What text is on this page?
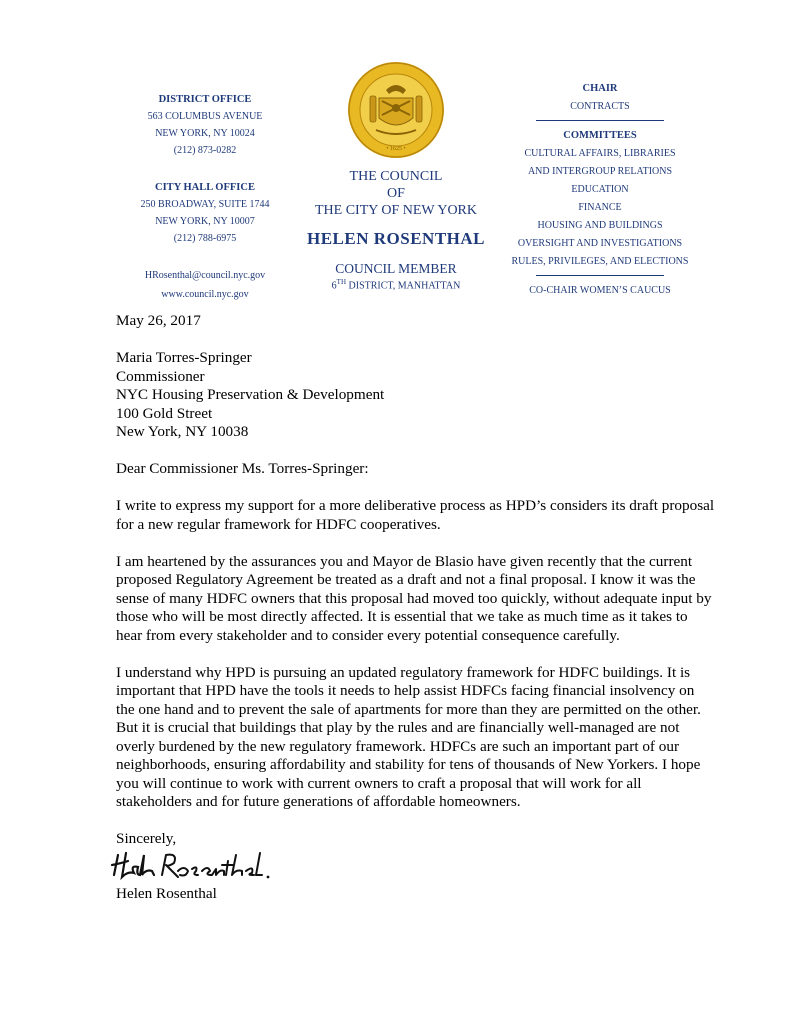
DISTRICT OFFICE
563 COLUMBUS AVENUE
NEW YORK, NY 10024
(212) 873-0282
CITY HALL OFFICE
250 BROADWAY, SUITE 1744
NEW YORK, NY 10007
(212) 788-6975
HRosenthal@council.nyc.gov
www.council.nyc.gov
• 1625 •
THE COUNCIL
OF
THE CITY OF NEW YORK
HELEN ROSENTHAL
COUNCIL MEMBER
6TH DISTRICT, MANHATTAN
CHAIR
CONTRACTS
COMMITTEES
CULTURAL AFFAIRS, LIBRARIES
AND INTERGROUP RELATIONS
EDUCATION
FINANCE
HOUSING AND BUILDINGS
OVERSIGHT AND INVESTIGATIONS
RULES, PRIVILEGES, AND ELECTIONS
CO-CHAIR WOMEN’S CAUCUS

May 26, 2017

Maria Torres-Springer
Commissioner
NYC Housing Preservation & Development
100 Gold Street
New York, NY 10038

Dear Commissioner Ms. Torres-Springer:

I write to express my support for a more deliberative process as HPD’s considers its draft proposal for a new regular framework for HDFC cooperatives.

I am heartened by the assurances you and Mayor de Blasio have given recently that the current proposed Regulatory Agreement be treated as a draft and not a final proposal. I know it was the sense of many HDFC owners that this proposal had moved too quickly, without adequate input by those who will be most directly affected. It is essential that we take as much time as it takes to hear from every stakeholder and to consider every potential consequence carefully.

I understand why HPD is pursuing an updated regulatory framework for HDFC buildings. It is important that HPD have the tools it needs to help assist HDFCs facing financial insolvency on the one hand and to prevent the sale of apartments for more than they are permitted on the other. But it is crucial that buildings that play by the rules and are financially well-managed are not overly burdened by the new regulatory framework. HDFCs are such an important part of our neighborhoods, ensuring affordability and stability for tens of thousands of New Yorkers. I hope you will continue to work with current owners to craft a proposal that will work for all stakeholders and for future generations of affordable homeowners.

Sincerely,
Helen Rosenthal
